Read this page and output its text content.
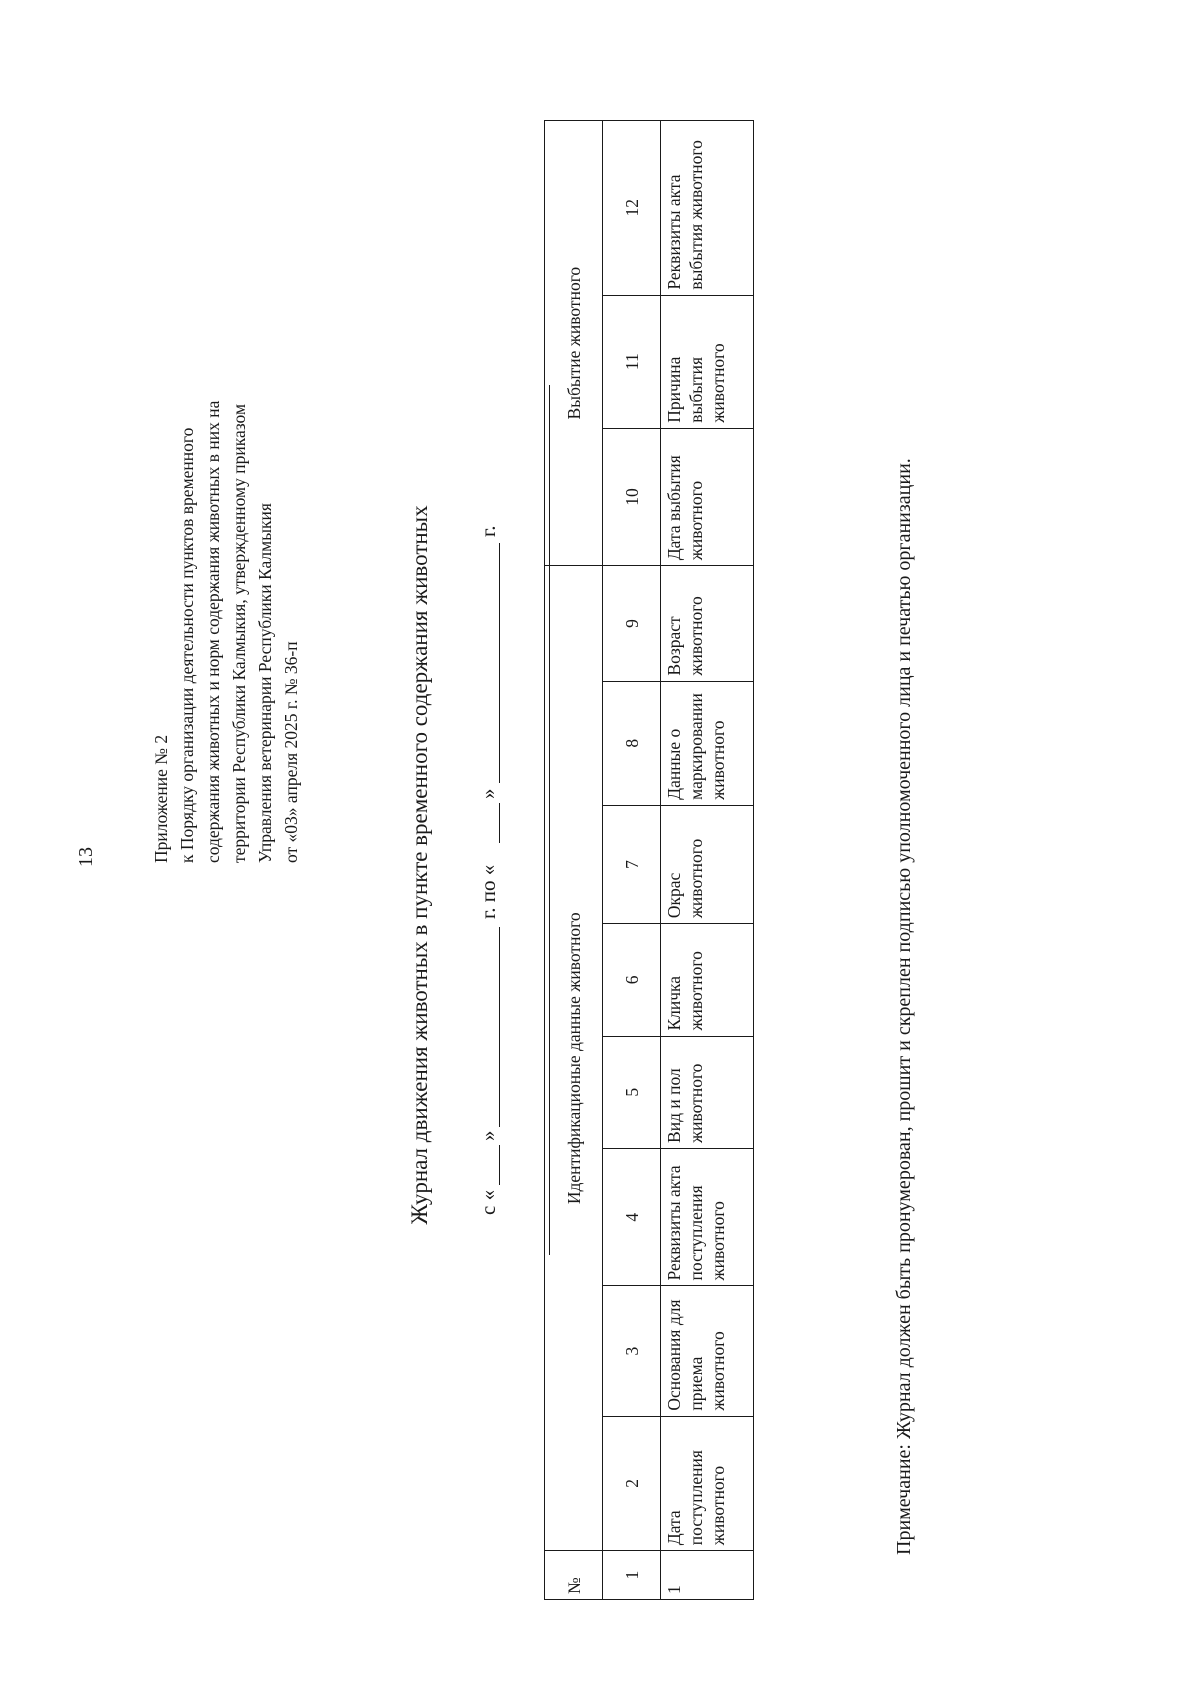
13	Приложение № 2 к Порядку организации деятельности пунктов временного содержания животных и норм содержания животных в них на территории Республики Калмыкия, утвержденному приказом Управления ветеринарии Республики Калмыкия от «03» апреля 2025 г. № 36-п	Журнал движения животных в пункте временного содержания животных с «
»
г. по «
»
г.
№	Идентификационые данные животного								Выбытие животного		
1	2	3	4	5	6	7	8	9	10	11	12
1	Дата поступления животного	Основания для приема животного	Реквизиты акта поступления животного	Вид и пол животного	Кличка животного	Окрас животного	Данные о маркировании животного	Возраст животного	Дата выбытия животного	Причина выбытия животного	Реквизиты акта выбытия животного
Примечание: Журнал должен быть пронумерован, прошит и скреплен подписью уполномоченного лица и печатью организации.
